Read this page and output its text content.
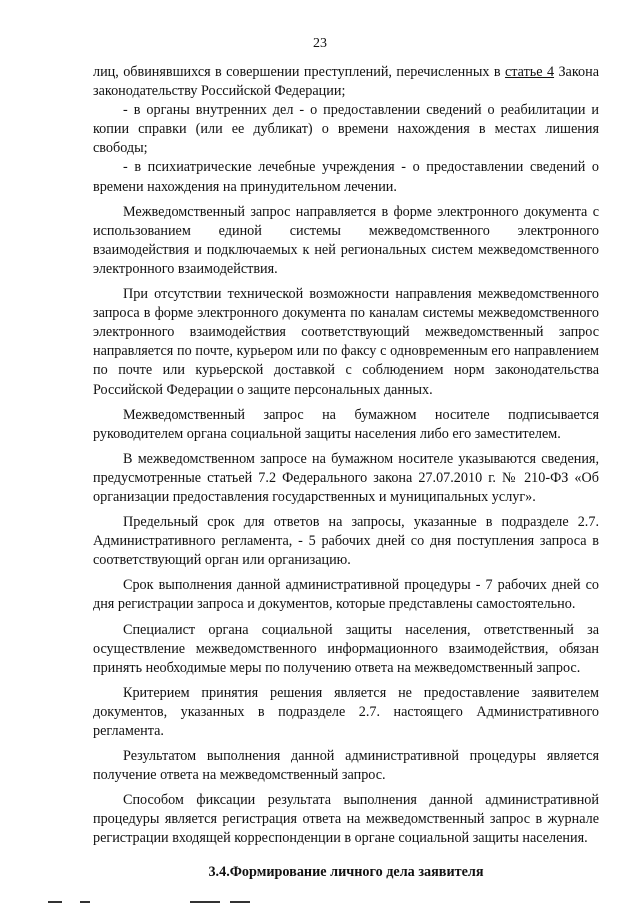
23

лиц, обвинявшихся в совершении преступлений, перечисленных в статье 4 Закона законодательству Российской Федерации;

- в органы внутренних дел - о предоставлении сведений о реабилитации и копии справки (или ее дубликат) о времени нахождения в местах лишения свободы;

- в психиатрические лечебные учреждения - о предоставлении сведений о времени нахождения на принудительном лечении.

Межведомственный запрос направляется в форме электронного документа с использованием единой системы межведомственного электронного взаимодействия и подключаемых к ней региональных систем межведомственного электронного взаимодействия.

При отсутствии технической возможности направления межведомственного запроса в форме электронного документа по каналам системы межведомственного электронного взаимодействия соответствующий межведомственный запрос направляется по почте, курьером или по факсу с одновременным его направлением по почте или курьерской доставкой с соблюдением норм законодательства Российской Федерации о защите персональных данных.

Межведомственный запрос на бумажном носителе подписывается руководителем органа социальной защиты населения либо его заместителем.

В межведомственном запросе на бумажном носителе указываются сведения, предусмотренные статьей 7.2 Федерального закона 27.07.2010 г. № 210-ФЗ «Об организации предоставления государственных и муниципальных услуг».

Предельный срок для ответов на запросы, указанные в подразделе 2.7. Административного регламента, - 5 рабочих дней со дня поступления запроса в соответствующий орган или организацию.

Срок выполнения данной административной процедуры - 7 рабочих дней со дня регистрации запроса и документов, которые представлены самостоятельно.

Специалист органа социальной защиты населения, ответственный за осуществление межведомственного информационного взаимодействия, обязан принять необходимые меры по получению ответа на межведомственный запрос.

Критерием принятия решения является не предоставление заявителем документов, указанных в подразделе 2.7. настоящего Административного регламента.

Результатом выполнения данной административной процедуры является получение ответа на межведомственный запрос.

Способом фиксации результата выполнения данной административной процедуры является регистрация ответа на межведомственный запрос в журнале регистрации входящей корреспонденции в органе социальной защиты населения.

3.4.Формирование личного дела заявителя
